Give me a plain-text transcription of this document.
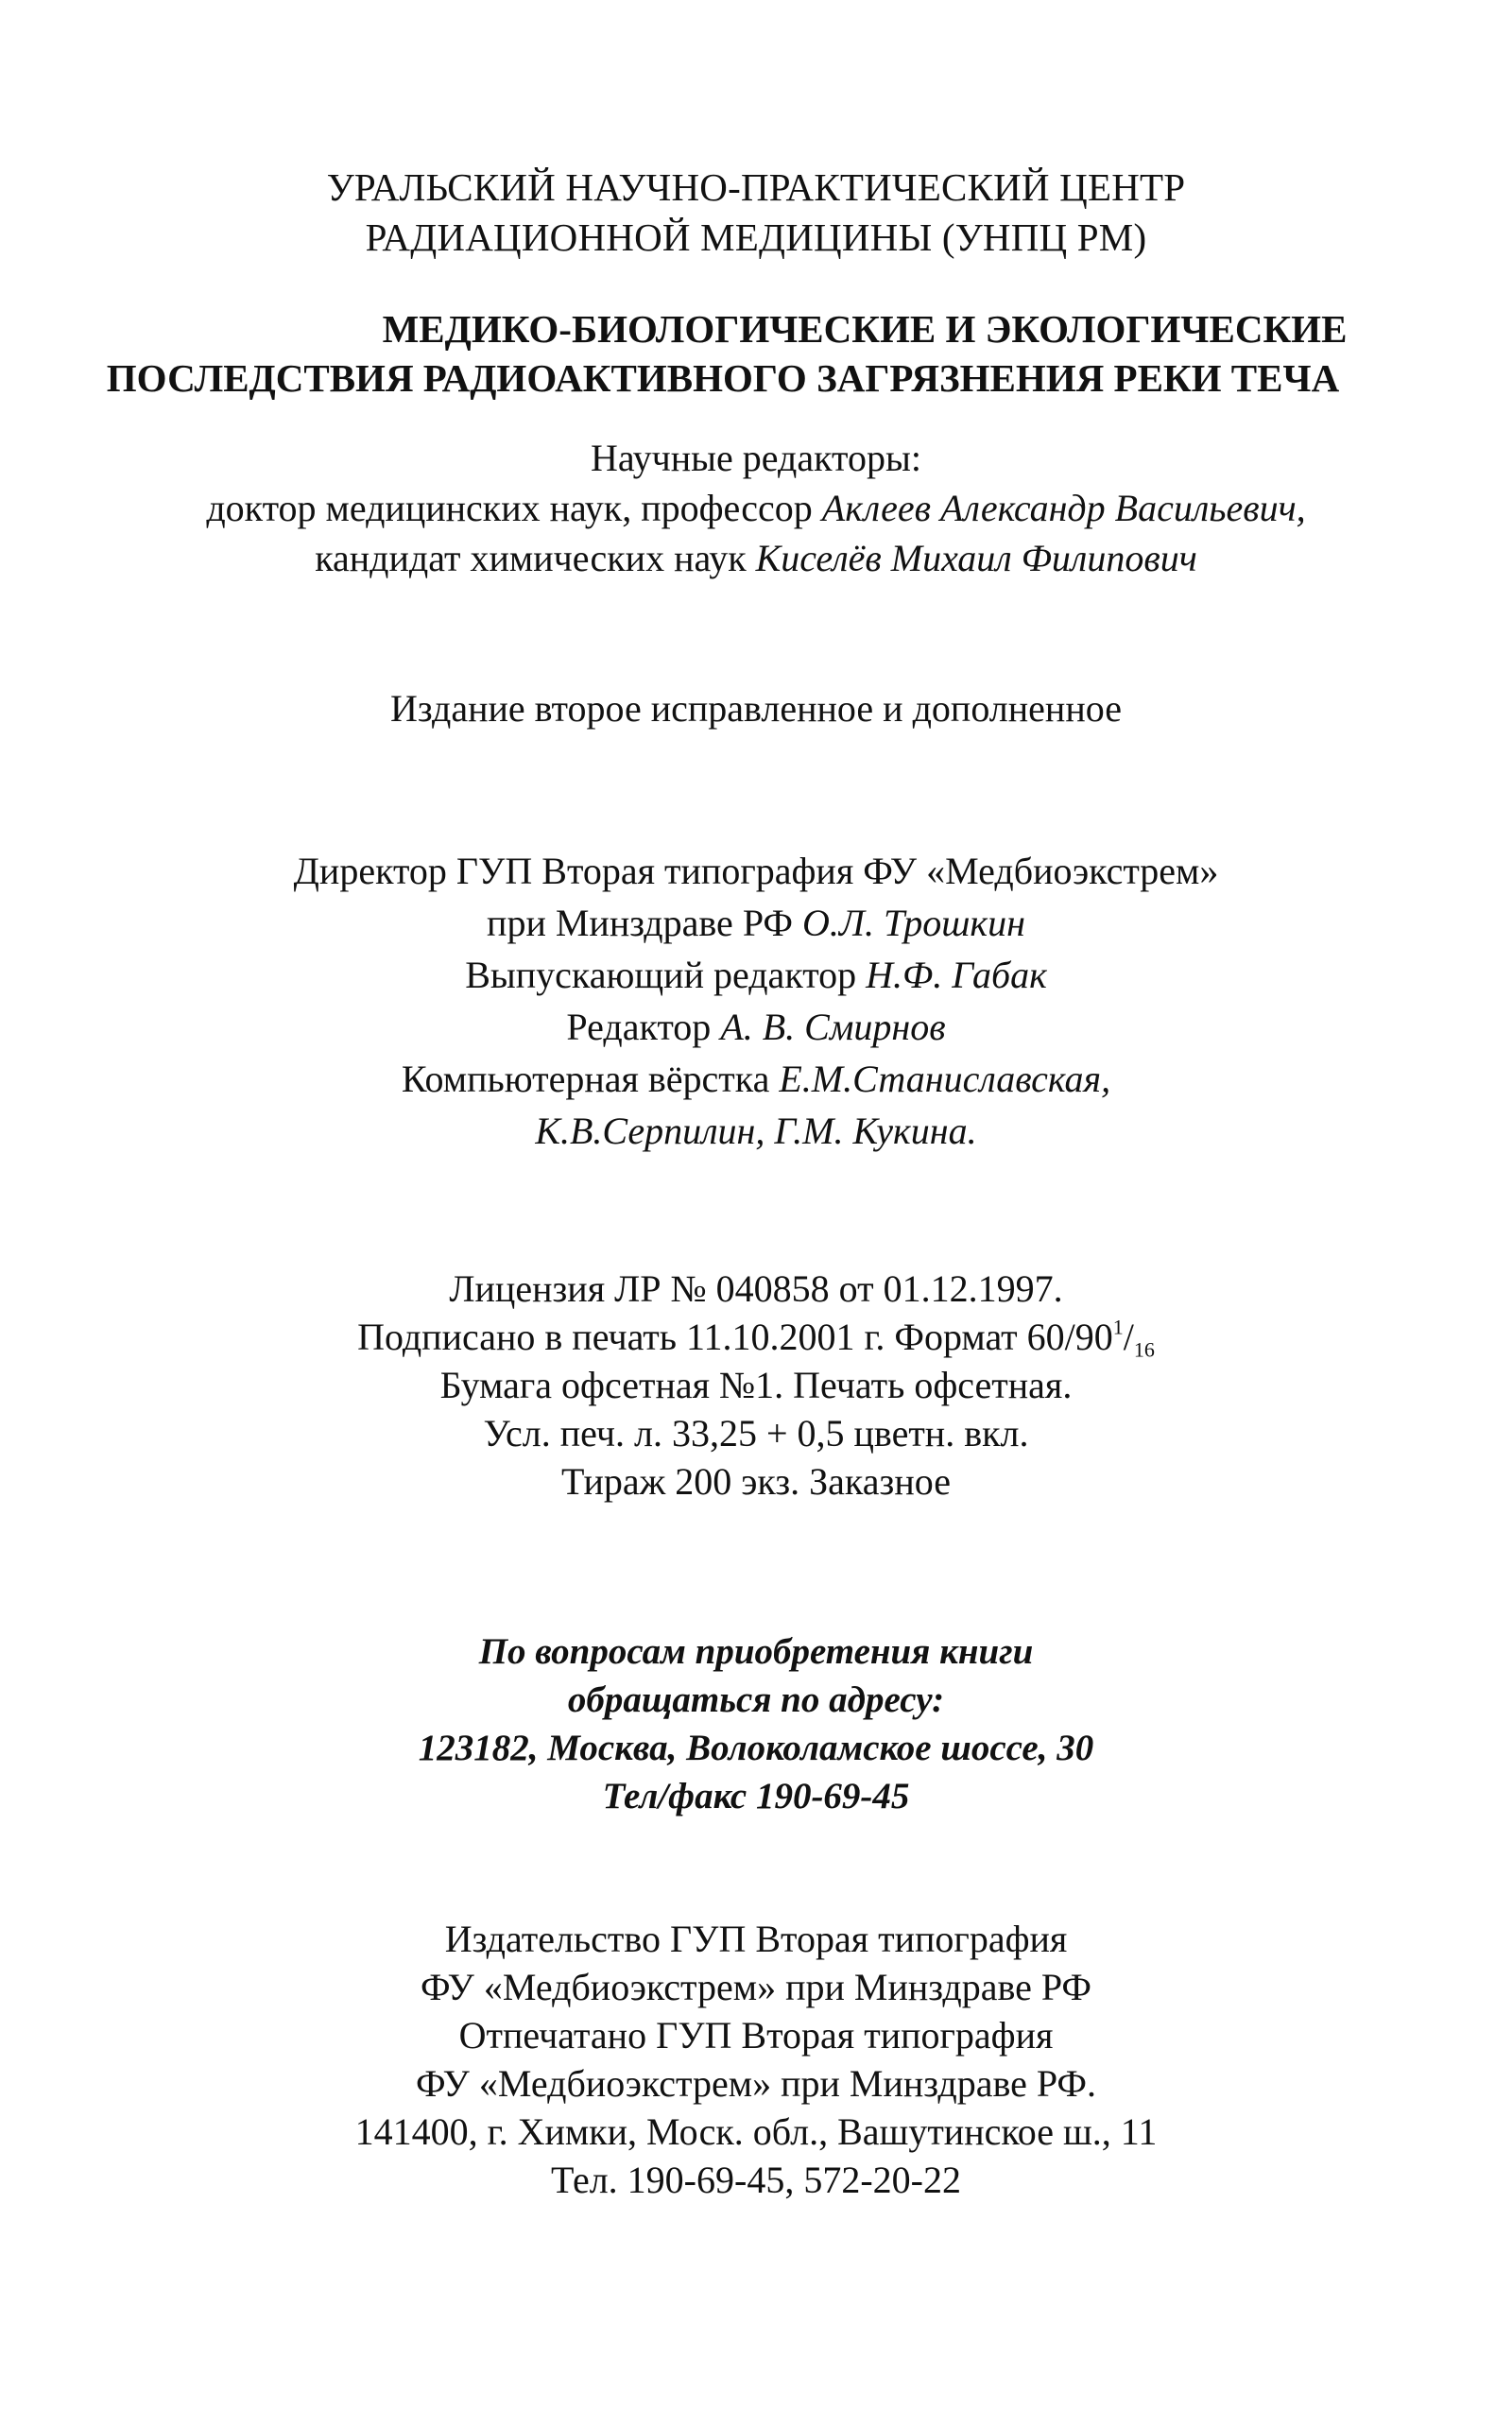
УРАЛЬСКИЙ НАУЧНО-ПРАКТИЧЕСКИЙ ЦЕНТР
РАДИАЦИОННОЙ МЕДИЦИНЫ (УНПЦ РМ)
МЕДИКО-БИОЛОГИЧЕСКИЕ И ЭКОЛОГИЧЕСКИЕ
ПОСЛЕДСТВИЯ РАДИОАКТИВНОГО ЗАГРЯЗНЕНИЯ РЕКИ ТЕЧА
Научные редакторы:
доктор медицинских наук, профессор Аклеев Александр Васильевич,
кандидат химических наук Киселёв Михаил Филипович
Издание второе исправленное и дополненное
Директор ГУП Вторая типография ФУ «Медбиоэкстрем»
при Минздраве РФ О.Л. Трошкин
Выпускающий редактор Н.Ф. Габак
Редактор А. В. Смирнов
Компьютерная вёрстка Е.М.Станиславская,
К.В.Серпилин, Г.М. Кукина.
Лицензия ЛР № 040858 от 01.12.1997.
Подписано в печать 11.10.2001 г. Формат $60/90^1/_{16}$
Бумага офсетная №1. Печать офсетная.
Усл. печ. л. 33,25 + 0,5 цветн. вкл.
Тираж 200 экз. Заказное
По вопросам приобретения книги
обращаться по адресу:
123182, Москва, Волоколамское шоссе, 30
Тел/факс 190-69-45
Издательство ГУП Вторая типография
ФУ «Медбиоэкстрем» при Минздраве РФ
Отпечатано ГУП Вторая типография
ФУ «Медбиоэкстрем» при Минздраве РФ.
141400, г. Химки, Моск. обл., Вашутинское ш., 11
Тел. 190-69-45, 572-20-22
